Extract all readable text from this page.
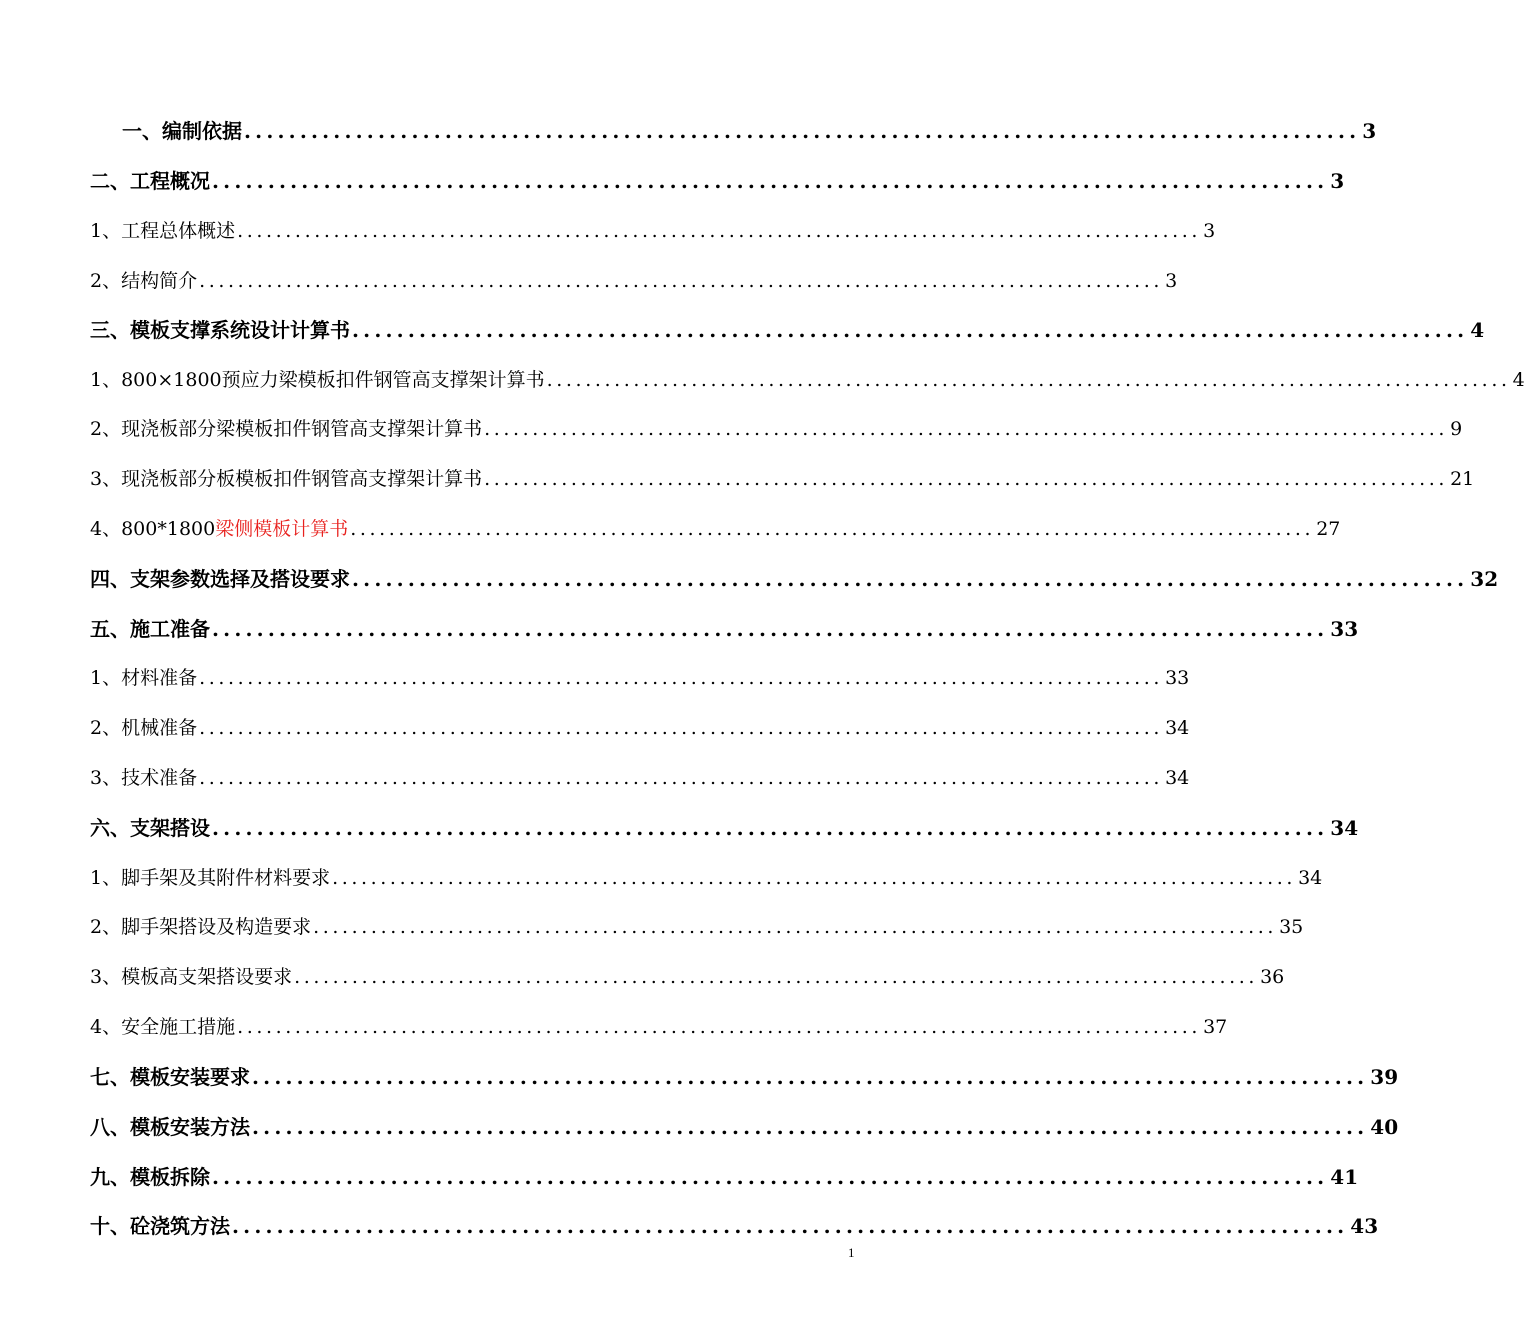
一、编制依据 .................................................................................................... 3
二、工程概况 .................................................................................................... 3
1、工程总体概述 .................................................................................................... 3
2、结构简介 .................................................................................................... 3
三、模板支撑系统设计计算书 .................................................................................................... 4
1、800×1800预应力梁模板扣件钢管高支撑架计算书 .................................................................................................... 4
2、现浇板部分梁模板扣件钢管高支撑架计算书 .................................................................................................... 9
3、现浇板部分板模板扣件钢管高支撑架计算书 .................................................................................................... 21
4、800*1800梁侧模板计算书 .................................................................................................... 27
四、支架参数选择及搭设要求 .................................................................................................... 32
五、施工准备 .................................................................................................... 33
1、材料准备 .................................................................................................... 33
2、机械准备 .................................................................................................... 34
3、技术准备 .................................................................................................... 34
六、支架搭设 .................................................................................................... 34
1、脚手架及其附件材料要求 .................................................................................................... 34
2、脚手架搭设及构造要求 .................................................................................................... 35
3、模板高支架搭设要求 .................................................................................................... 36
4、安全施工措施 .................................................................................................... 37
七、模板安装要求 .................................................................................................... 39
八、模板安装方法 .................................................................................................... 40
九、模板拆除 .................................................................................................... 41
十、砼浇筑方法 .................................................................................................... 43
1
